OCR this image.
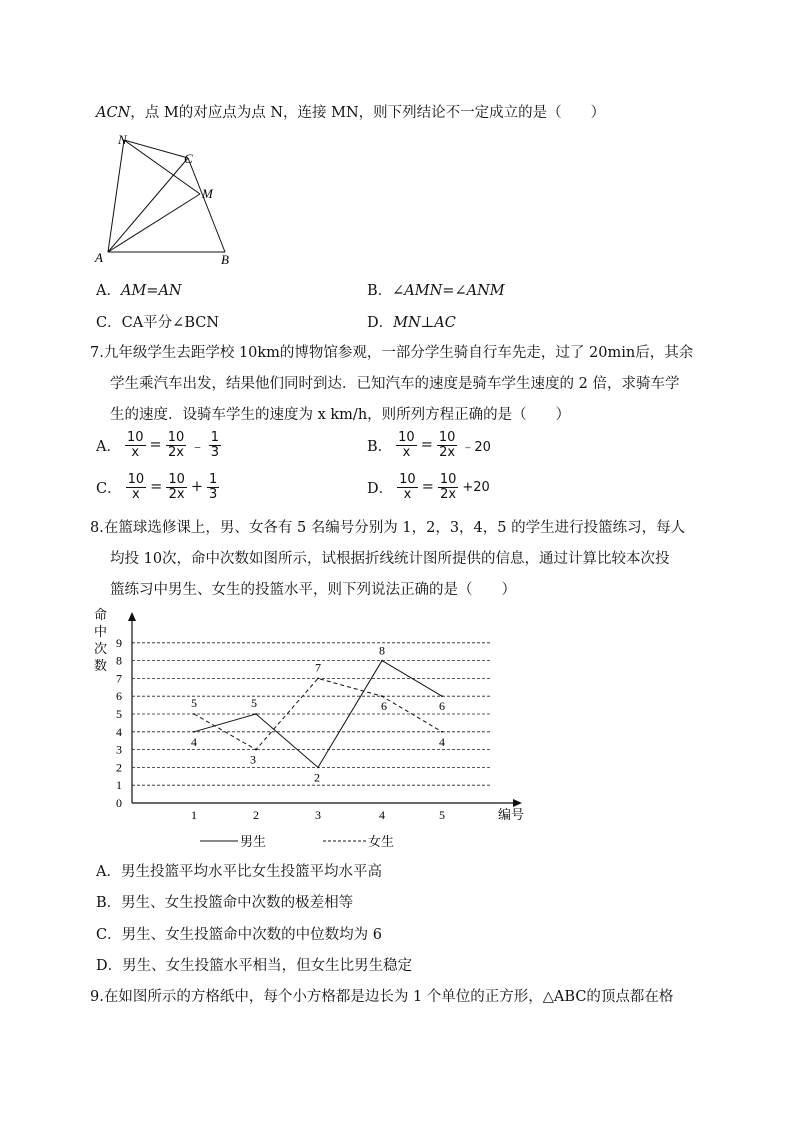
ACN，点 M的对应点为点 N，连接 MN，则下列结论不一定成立的是（　　）
N
C
M
A	B
A．AM=AN	B．∠AMN=∠ANM
C．CA平分∠BCN	D．MN⊥AC
7.九年级学生去距学校 10km的博物馆参观，一部分学生骑自行车先走，过了 20min后，其余
学生乘汽车出发，结果他们同时到达．已知汽车的速度是骑车学生速度的 2 倍，求骑车学
生的速度．设骑车学生的速度为 x km/h，则所列方程正确的是（　　）
A． $\frac{10}{x} = \frac{10}{2x}$ ﹣ $\frac{1}{3}$	B． $\frac{10}{x} = \frac{10}{2x}$ ﹣20
C． $\frac{10}{x} = \frac{10}{2x} + \frac{1}{3}$	D． $\frac{10}{x} = \frac{10}{2x} +20$
8.在篮球选修课上，男、女各有 5 名编号分别为 1，2，3，4，5 的学生进行投篮练习，每人
均投 10次，命中次数如图所示，试根据折线统计图所提供的信息，通过计算比较本次投
篮练习中男生、女生的投篮水平，则下列说法正确的是（　　）
0
1
2
3
4
5
6
7
8
9
1	2	3	4	5
命
中
次
数
编号
4
5
2
8
6
5
3
7
6
4
男生	女生
A．男生投篮平均水平比女生投篮平均水平高
B．男生、女生投篮命中次数的极差相等
C．男生、女生投篮命中次数的中位数均为 6
D．男生、女生投篮水平相当，但女生比男生稳定
9.在如图所示的方格纸中，每个小方格都是边长为 1 个单位的正方形，△ABC的顶点都在格
